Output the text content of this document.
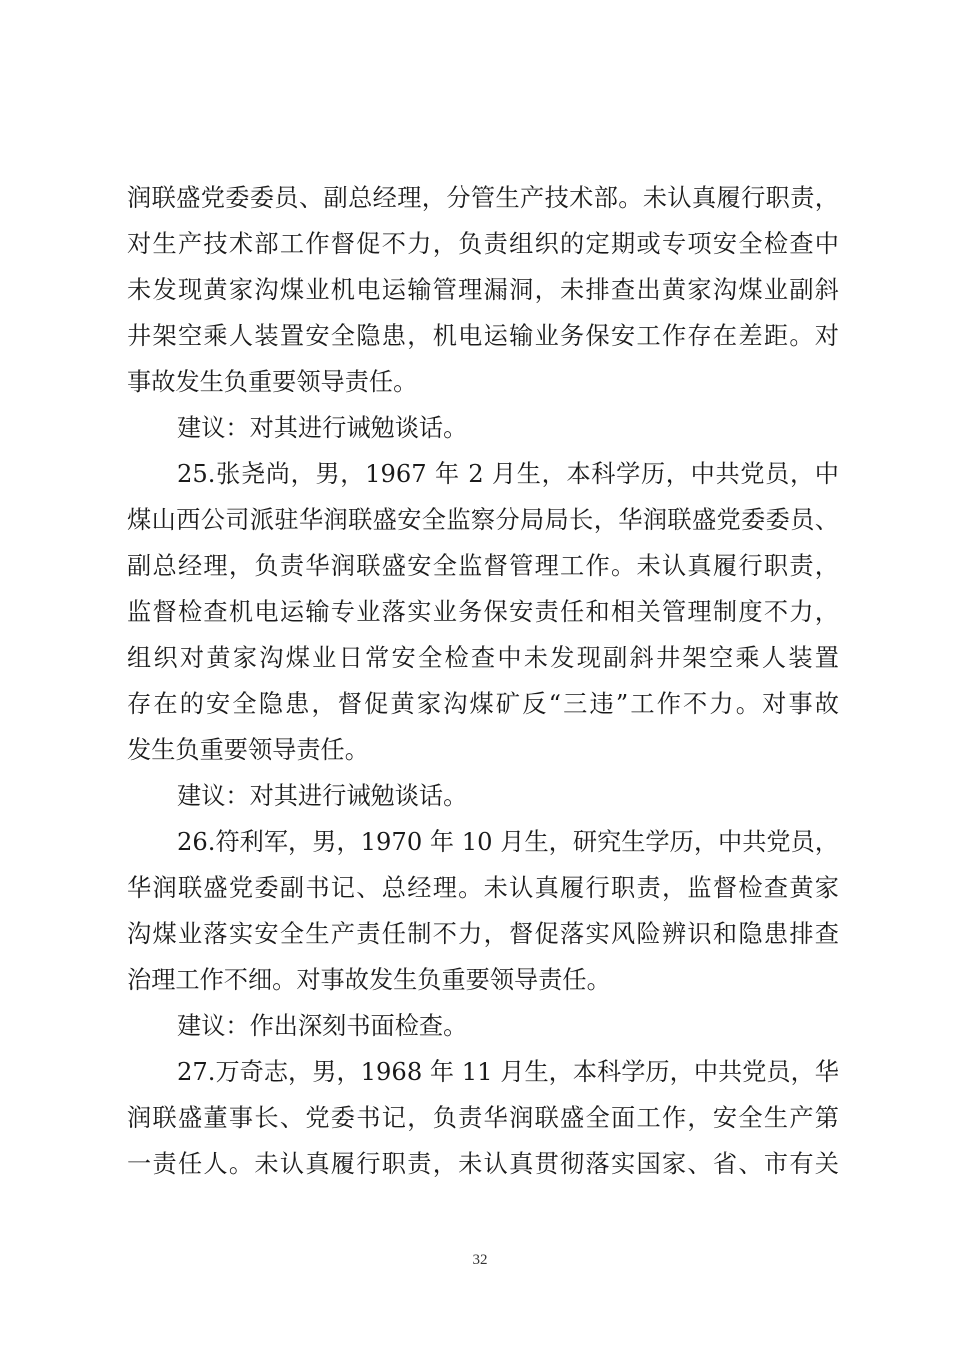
润联盛党委委员、副总经理，分管生产技术部。未认真履行职责，
对生产技术部工作督促不力，负责组织的定期或专项安全检查中
未发现黄家沟煤业机电运输管理漏洞，未排查出黄家沟煤业副斜
井架空乘人装置安全隐患，机电运输业务保安工作存在差距。对
事故发生负重要领导责任。
建议：对其进行诫勉谈话。
25.张尧尚，男，1967 年 2 月生，本科学历，中共党员，中
煤山西公司派驻华润联盛安全监察分局局长，华润联盛党委委员、
副总经理，负责华润联盛安全监督管理工作。未认真履行职责，
监督检查机电运输专业落实业务保安责任和相关管理制度不力，
组织对黄家沟煤业日常安全检查中未发现副斜井架空乘人装置
存在的安全隐患，督促黄家沟煤矿反“三违”工作不力。对事故
发生负重要领导责任。
建议：对其进行诫勉谈话。
26.符利军，男，1970 年 10 月生，研究生学历，中共党员，
华润联盛党委副书记、总经理。未认真履行职责，监督检查黄家
沟煤业落实安全生产责任制不力，督促落实风险辨识和隐患排查
治理工作不细。对事故发生负重要领导责任。
建议：作出深刻书面检查。
27.万奇志，男，1968 年 11 月生，本科学历，中共党员，华
润联盛董事长、党委书记，负责华润联盛全面工作，安全生产第
一责任人。未认真履行职责，未认真贯彻落实国家、省、市有关
32
